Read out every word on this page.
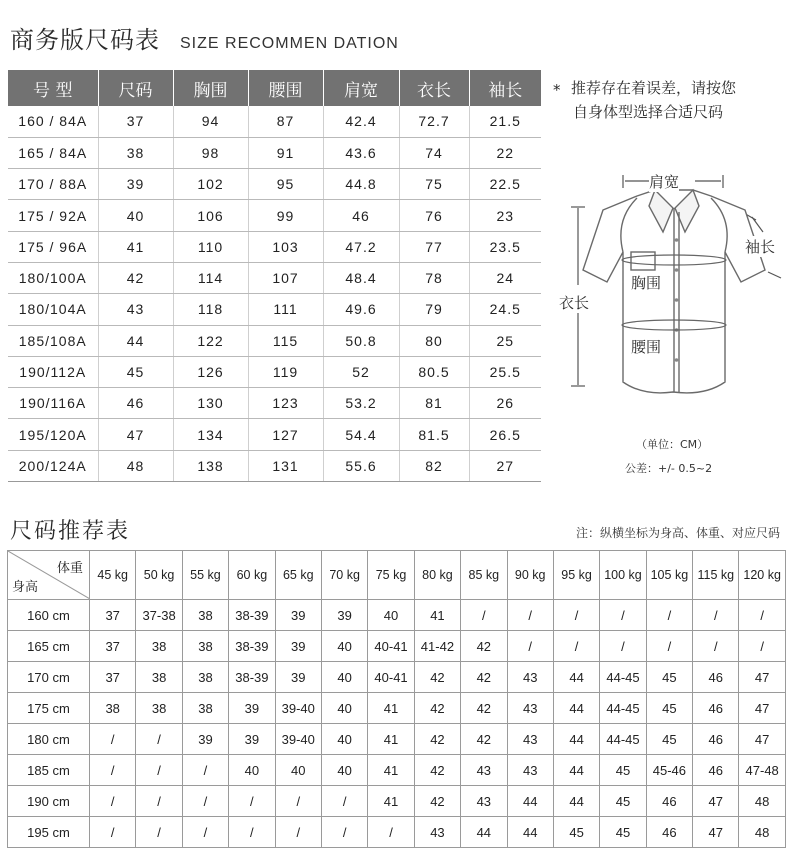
商务版尺码表 SIZE RECOMMEN DATION
号 型	尺码	胸围	腰围	肩宽	衣长	袖长
160 / 84A	37	94	87	42.4	72.7	21.5
165 / 84A	38	98	91	43.6	74	22
170 / 88A	39	102	95	44.8	75	22.5
175 / 92A	40	106	99	46	76	23
175 / 96A	41	110	103	47.2	77	23.5
180/100A	42	114	107	48.4	78	24
180/104A	43	118	111	49.6	79	24.5
185/108A	44	122	115	50.8	80	25
190/112A	45	126	119	52	80.5	25.5
190/116A	46	130	123	53.2	81	26
195/120A	47	134	127	54.4	81.5	26.5
200/124A	48	138	131	55.6	82	27
* 推荐存在着误差，请按您
自身体型选择合适尺码
肩宽
袖长
胸围
衣长
腰围
（单位：CM）
公差：+/- 0.5~2
尺码推荐表	注：纵横坐标为身高、体重、对应尺码
体重
身高	45 kg	50 kg	55 kg	60 kg	65 kg	70 kg	75 kg	80 kg	85 kg	90 kg	95 kg	100 kg	105 kg	115 kg	120 kg
160 cm	37	37-38	38	38-39	39	39	40	41	/	/	/	/	/	/	/
165 cm	37	38	38	38-39	39	40	40-41	41-42	42	/	/	/	/	/	/
170 cm	37	38	38	38-39	39	40	40-41	42	42	43	44	44-45	45	46	47
175 cm	38	38	38	39	39-40	40	41	42	42	43	44	44-45	45	46	47
180 cm	/	/	39	39	39-40	40	41	42	42	43	44	44-45	45	46	47
185 cm	/	/	/	40	40	40	41	42	43	43	44	45	45-46	46	47-48
190 cm	/	/	/	/	/	/	41	42	43	44	44	45	46	47	48
195 cm	/	/	/	/	/	/	/	43	44	44	45	45	46	47	48
